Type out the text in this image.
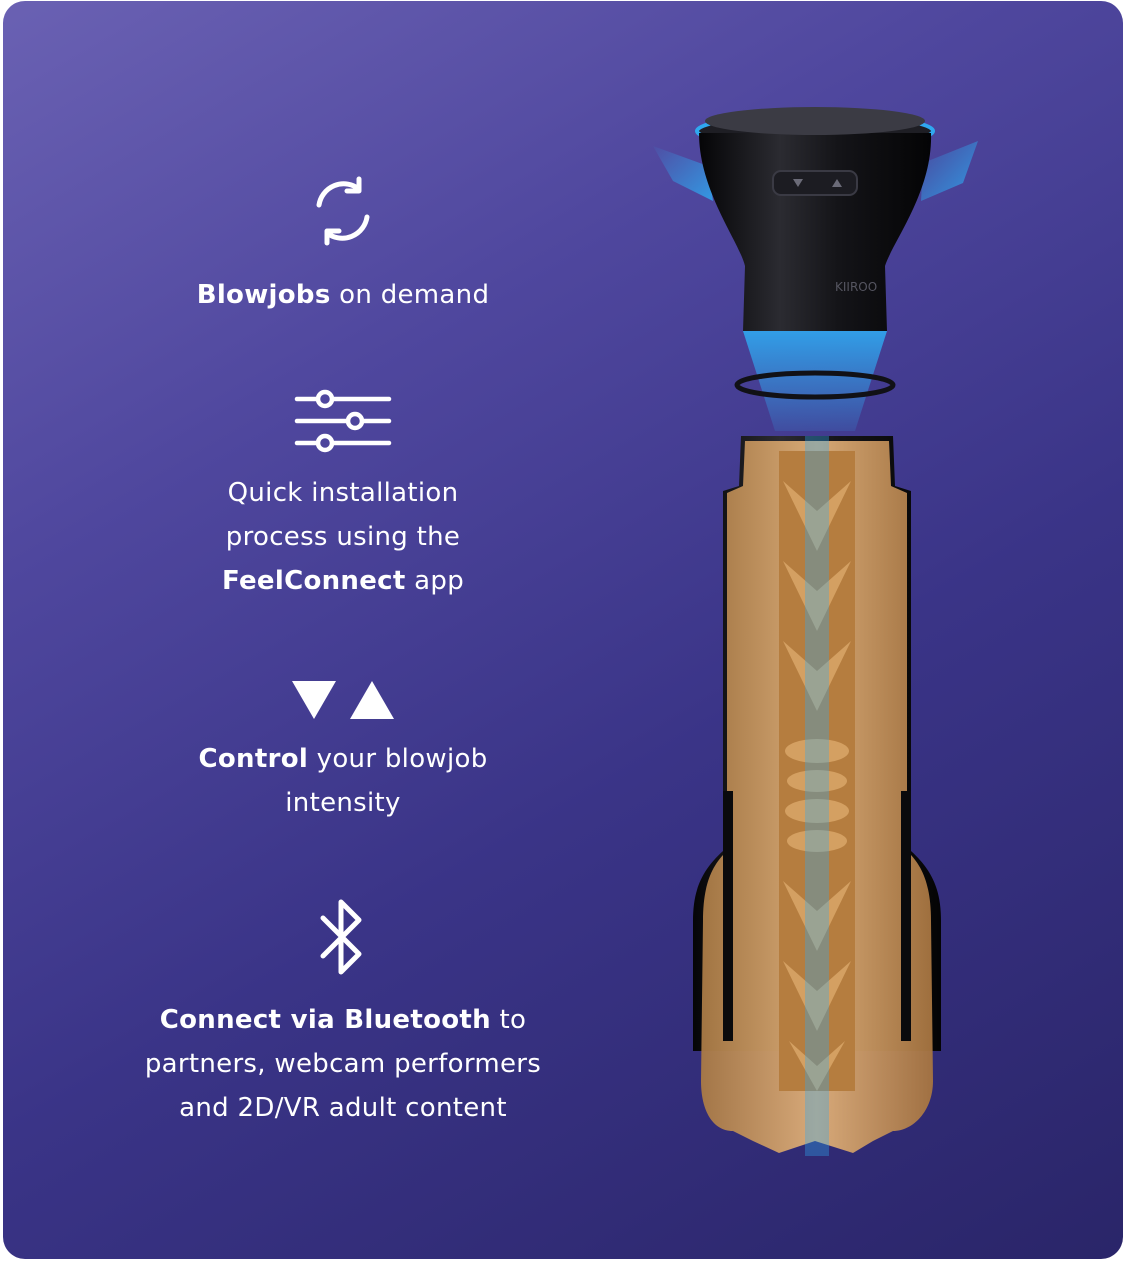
Blowjobs on demand
Quick installation
process using the
FeelConnect app
Control your blowjob
intensity
Connect via Bluetooth to
partners, webcam performers
and 2D/VR adult content
KIIROO
